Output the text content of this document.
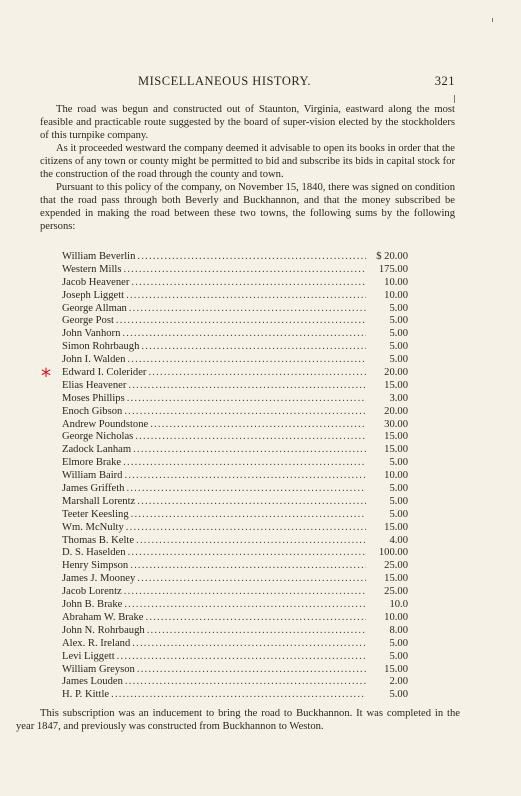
MISCELLANEOUS HISTORY.	321

The road was begun and constructed out of Staunton, Virginia, eastward along the most feasible and practicable route suggested by the board of super-vision elected by the stockholders of this turnpike company.

As it proceeded westward the company deemed it advisable to open its books in order that the citizens of any town or county might be permitted to bid and subscribe its bids in capital stock for the construction of the road through the county and town.

Pursuant to this policy of the company, on November 15, 1840, there was signed on condition that the road pass through both Beverly and Buckhannon, and that the money subscribed be expended in making the road between these two towns, the following sums by the following persons:

*
William Beverlin .....	$ 20.00
Western Mills .....	175.00
Jacob Heavener .....	10.00
Joseph Liggett .....	10.00
George Allman .....	5.00
George Post .....	5.00
John Vanhorn .....	5.00
Simon Rohrbaugh .....	5.00
John I. Walden .....	5.00
Edward I. Colerider .....	20.00
Elias Heavener .....	15.00
Moses Phillips .....	3.00
Enoch Gibson .....	20.00
Andrew Poundstone .....	30.00
George Nicholas .....	15.00
Zadock Lanham .....	15.00
Elmore Brake .....	5.00
William Baird .....	10.00
James Griffeth .....	5.00
Marshall Lorentz .....	5.00
Teeter Keesling .....	5.00
Wm. McNulty .....	15.00
Thomas B. Kelte .....	4.00
D. S. Haselden .....	100.00
Henry Simpson .....	25.00
James J. Mooney .....	15.00
Jacob Lorentz .....	25.00
John B. Brake .....	10.0
Abraham W. Brake .....	10.00
John N. Rohrbaugh .....	8.00
Alex. R. Ireland .....	5.00
Levi Liggett .....	5.00
William Greyson .....	15.00
James Louden .....	2.00
H. P. Kittle .....	5.00

This subscription was an inducement to bring the road to Buckhannon. It was completed in the year 1847, and previously was constructed from Buckhannon to Weston.
